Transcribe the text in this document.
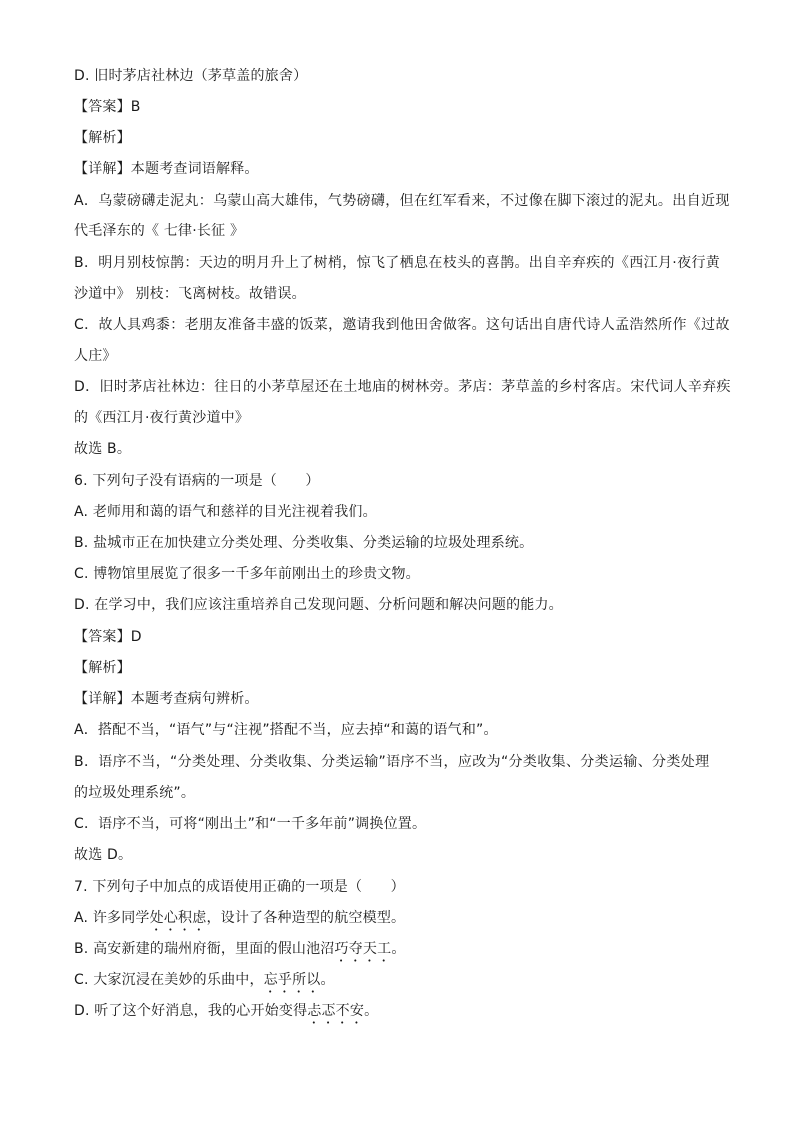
D. 旧时茅店社林边（茅草盖的旅舍）
【答案】B
【解析】
【详解】本题考查词语解释。
A．乌蒙磅礴走泥丸：乌蒙山高大雄伟，气势磅礴，但在红军看来，不过像在脚下滚过的泥丸。出自近现
代毛泽东的《 七律·长征 》
B．明月别枝惊鹊：天边的明月升上了树梢，惊飞了栖息在枝头的喜鹊。出自辛弃疾的《西江月·夜行黄
沙道中》 别枝：飞离树枝。故错误。
C．故人具鸡黍：老朋友准备丰盛的饭菜，邀请我到他田舍做客。这句话出自唐代诗人孟浩然所作《过故
人庄》
D．旧时茅店社林边：往日的小茅草屋还在土地庙的树林旁。茅店：茅草盖的乡村客店。宋代词人辛弃疾
的《西江月·夜行黄沙道中》
故选 B。
6. 下列句子没有语病的一项是（　　）
A. 老师用和蔼的语气和慈祥的目光注视着我们。
B. 盐城市正在加快建立分类处理、分类收集、分类运输的垃圾处理系统。
C. 博物馆里展览了很多一千多年前刚出土的珍贵文物。
D. 在学习中，我们应该注重培养自己发现问题、分析问题和解决问题的能力。
【答案】D
【解析】
【详解】本题考查病句辨析。
A．搭配不当，“语气”与“注视”搭配不当，应去掉“和蔼的语气和”。
B．语序不当，“分类处理、分类收集、分类运输”语序不当，应改为“分类收集、分类运输、分类处理
的垃圾处理系统”。
C．语序不当，可将“刚出土”和“一千多年前”调换位置。
故选 D。
7. 下列句子中加点的成语使用正确的一项是（　　）
A. 许多同学处心积虑，设计了各种造型的航空模型。
B. 高安新建的瑞州府衙，里面的假山池沼巧夺天工。
C. 大家沉浸在美妙的乐曲中，忘乎所以。
D. 听了这个好消息，我的心开始变得忐忑不安。
